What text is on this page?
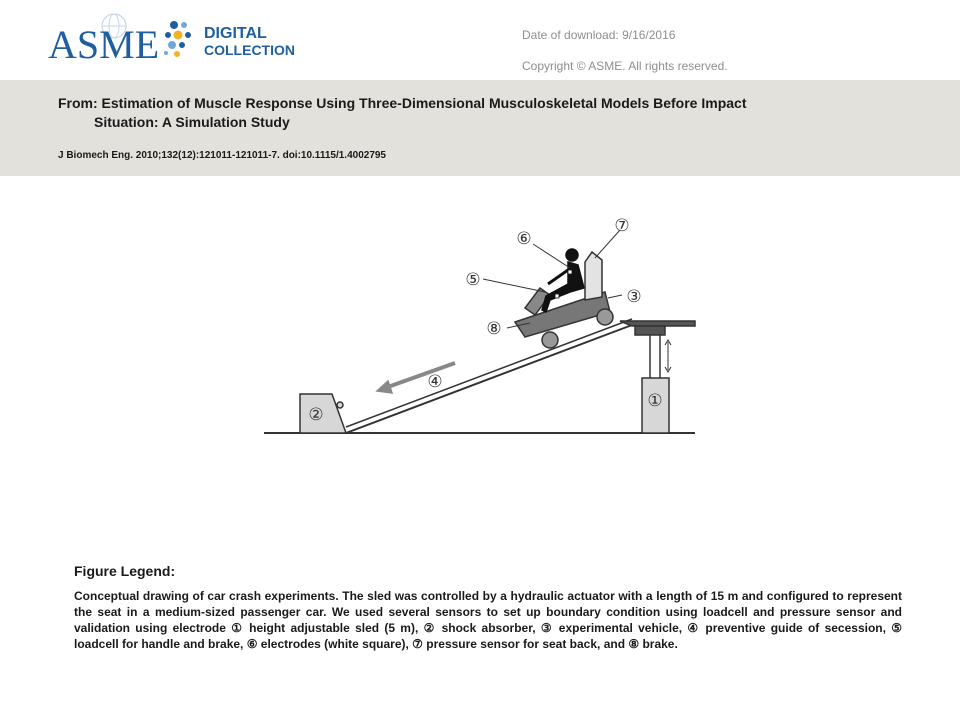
ASME	DIGITAL
COLLECTION
Date of download: 9/16/2016
Copyright © ASME. All rights reserved.
From: Estimation of Muscle Response Using Three-Dimensional Musculoskeletal Models Before Impact
Situation: A Simulation Study
J Biomech Eng. 2010;132(12):121011-121011-7. doi:10.1115/1.4002795
①
②
③
④
⑤
⑥
⑦
⑧
Figure Legend:
Conceptual drawing of car crash experiments. The sled was controlled by a hydraulic actuator with a length of 15 m and configured to represent the seat in a medium-sized passenger car. We used several sensors to set up boundary condition using loadcell and pressure sensor and validation using electrode ① height adjustable sled (5 m), ② shock absorber, ③ experimental vehicle, ④ preventive guide of secession, ⑤ loadcell for handle and brake, ⑥ electrodes (white square), ⑦ pressure sensor for seat back, and ⑧ brake.
